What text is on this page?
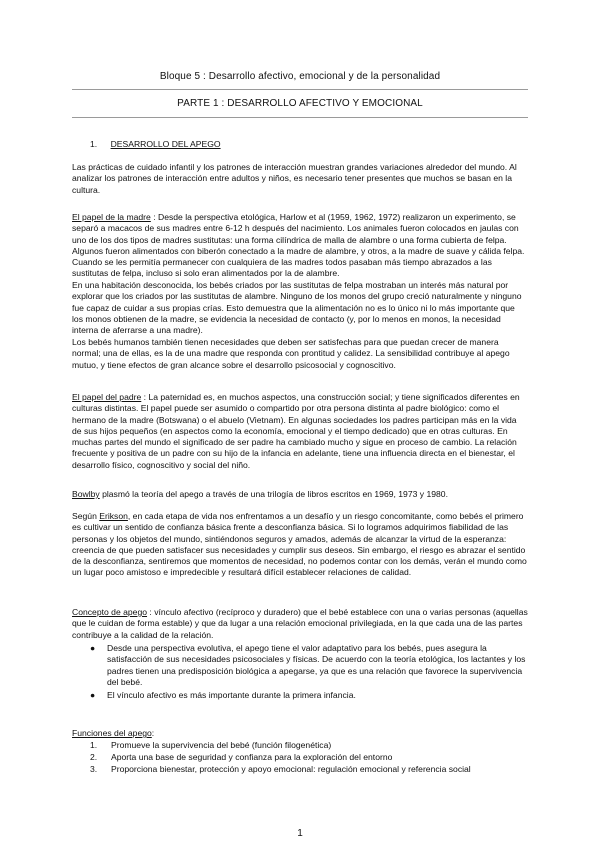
Bloque 5 : Desarrollo afectivo, emocional y de la personalidad
PARTE 1 : DESARROLLO AFECTIVO Y EMOCIONAL
1. DESARROLLO DEL APEGO

Las prácticas de cuidado infantil y los patrones de interacción muestran grandes variaciones alrededor del mundo. Al analizar los patrones de interacción entre adultos y niños, es necesario tener presentes que muchos se basan en la cultura.

El papel de la madre : Desde la perspectiva etológica, Harlow et al (1959, 1962, 1972) realizaron un experimento, se separó a macacos de sus madres entre 6-12 h después del nacimiento. Los animales fueron colocados en jaulas con uno de los dos tipos de madres sustitutas: una forma cilíndrica de malla de alambre o una forma cubierta de felpa. Algunos fueron alimentados con biberón conectado a la madre de alambre, y otros, a la madre de suave y cálida felpa. Cuando se les permitía permanecer con cualquiera de las madres todos pasaban más tiempo abrazados a las sustitutas de felpa, incluso si solo eran alimentados por la de alambre.

En una habitación desconocida, los bebés criados por las sustitutas de felpa mostraban un interés más natural por explorar que los criados por las sustitutas de alambre. Ninguno de los monos del grupo creció naturalmente y ninguno fue capaz de cuidar a sus propias crías. Esto demuestra que la alimentación no es lo único ni lo más importante que los monos obtienen de la madre, se evidencia la necesidad de contacto (y, por lo menos en monos, la necesidad interna de aferrarse a una madre).

Los bebés humanos también tienen necesidades que deben ser satisfechas para que puedan crecer de manera normal; una de ellas, es la de una madre que responda con prontitud y calidez. La sensibilidad contribuye al apego mutuo, y tiene efectos de gran alcance sobre el desarrollo psicosocial y cognoscitivo.

El papel del padre : La paternidad es, en muchos aspectos, una construcción social; y tiene significados diferentes en culturas distintas. El papel puede ser asumido o compartido por otra persona distinta al padre biológico: como el hermano de la madre (Botswana) o el abuelo (Vietnam). En algunas sociedades los padres participan más en la vida de sus hijos pequeños (en aspectos como la economía, emocional y el tiempo dedicado) que en otras culturas. En muchas partes del mundo el significado de ser padre ha cambiado mucho y sigue en proceso de cambio. La relación frecuente y positiva de un padre con su hijo de la infancia en adelante, tiene una influencia directa en el bienestar, el desarrollo físico, cognoscitivo y social del niño.

Bowlby plasmó la teoría del apego a través de una trilogía de libros escritos en 1969, 1973 y 1980.

Según Erikson, en cada etapa de vida nos enfrentamos a un desafío y un riesgo concomitante, como bebés el primero es cultivar un sentido de confianza básica frente a desconfianza básica. Si lo logramos adquirimos fiabilidad de las personas y los objetos del mundo, sintiéndonos seguros y amados, además de alcanzar la virtud de la esperanza: creencia de que pueden satisfacer sus necesidades y cumplir sus deseos. Sin embargo, el riesgo es abrazar el sentido de la desconfianza, sentiremos que momentos de necesidad, no podemos contar con los demás, verán el mundo como un lugar poco amistoso e impredecible y resultará difícil establecer relaciones de calidad.

Concepto de apego : vínculo afectivo (recíproco y duradero) que el bebé establece con una o varias personas (aquellas que le cuidan de forma estable) y que da lugar a una relación emocional privilegiada, en la que cada una de las partes contribuye a la calidad de la relación.

● Desde una perspectiva evolutiva, el apego tiene el valor adaptativo para los bebés, pues asegura la satisfacción de sus necesidades psicosociales y físicas. De acuerdo con la teoría etológica, los lactantes y los padres tienen una predisposición biológica a apegarse, ya que es una relación que favorece la supervivencia del bebé.
● El vínculo afectivo es más importante durante la primera infancia.
Funciones del apego:
1. Promueve la supervivencia del bebé (función filogenética)
2. Aporta una base de seguridad y confianza para la exploración del entorno
3. Proporciona bienestar, protección y apoyo emocional: regulación emocional y referencia social
1
